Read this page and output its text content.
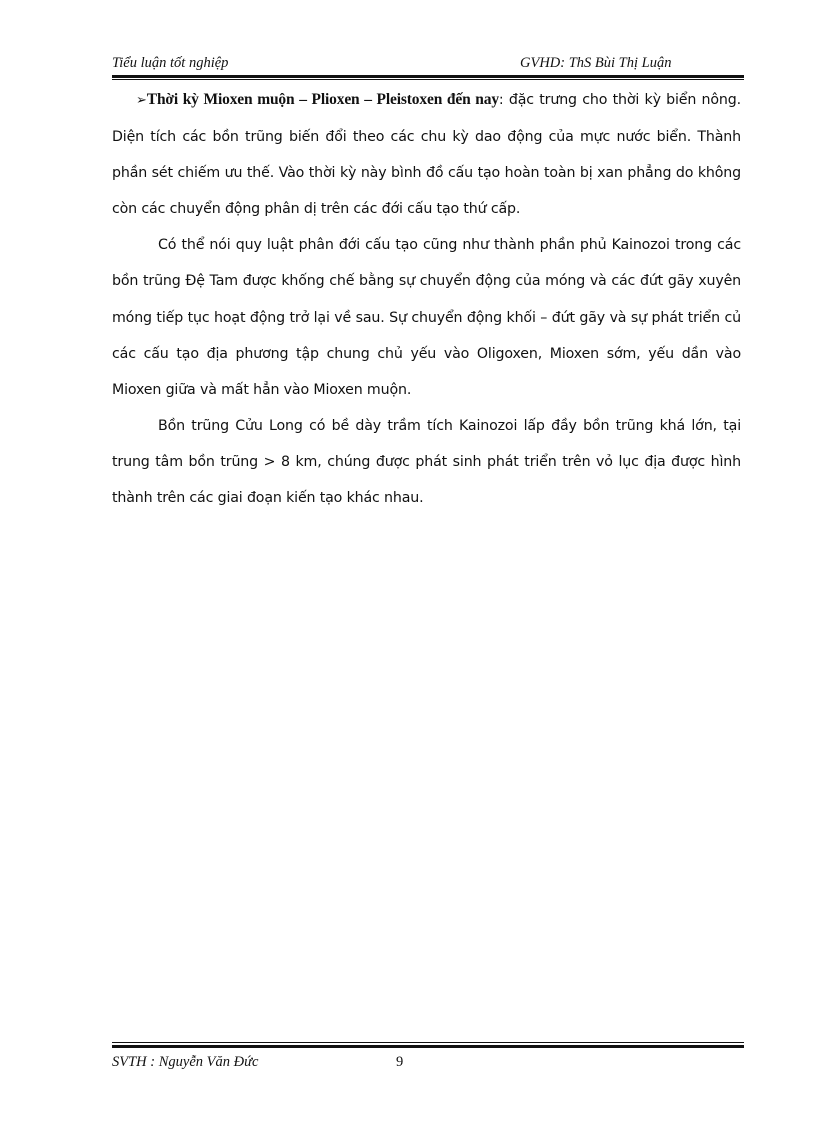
Tiểu luận tốt nghiệp	GVHD: ThS Bùi Thị Luận

➢Thời kỳ Mioxen muộn – Plioxen – Pleistoxen đến nay: đặc trưng cho thời kỳ biển nông. Diện tích các bồn trũng biến đổi theo các chu kỳ dao động của mực nước biển. Thành phần sét chiếm ưu thế. Vào thời kỳ này bình đồ cấu tạo hoàn toàn bị xan phẳng do không còn các chuyển động phân dị trên các đới cấu tạo thứ cấp.

Có thể nói quy luật phân đới cấu tạo cũng như thành phần phủ Kainozoi trong các bồn trũng Đệ Tam được khống chế bằng sự chuyển động của móng và các đứt gãy xuyên móng tiếp tục hoạt động trở lại về sau. Sự chuyển động khối – đứt gãy và sự phát triển củ các cấu tạo địa phương tập chung chủ yếu vào Oligoxen, Mioxen sớm, yếu dần vào Mioxen giữa và mất hẳn vào Mioxen muộn.

Bồn trũng Cửu Long có bề dày trầm tích Kainozoi lấp đầy bồn trũng khá lớn, tại trung tâm bồn trũng > 8 km, chúng được phát sinh phát triển trên vỏ lục địa được hình thành trên các giai đoạn kiến tạo khác nhau.

SVTH : Nguyễn Văn Đức	9
